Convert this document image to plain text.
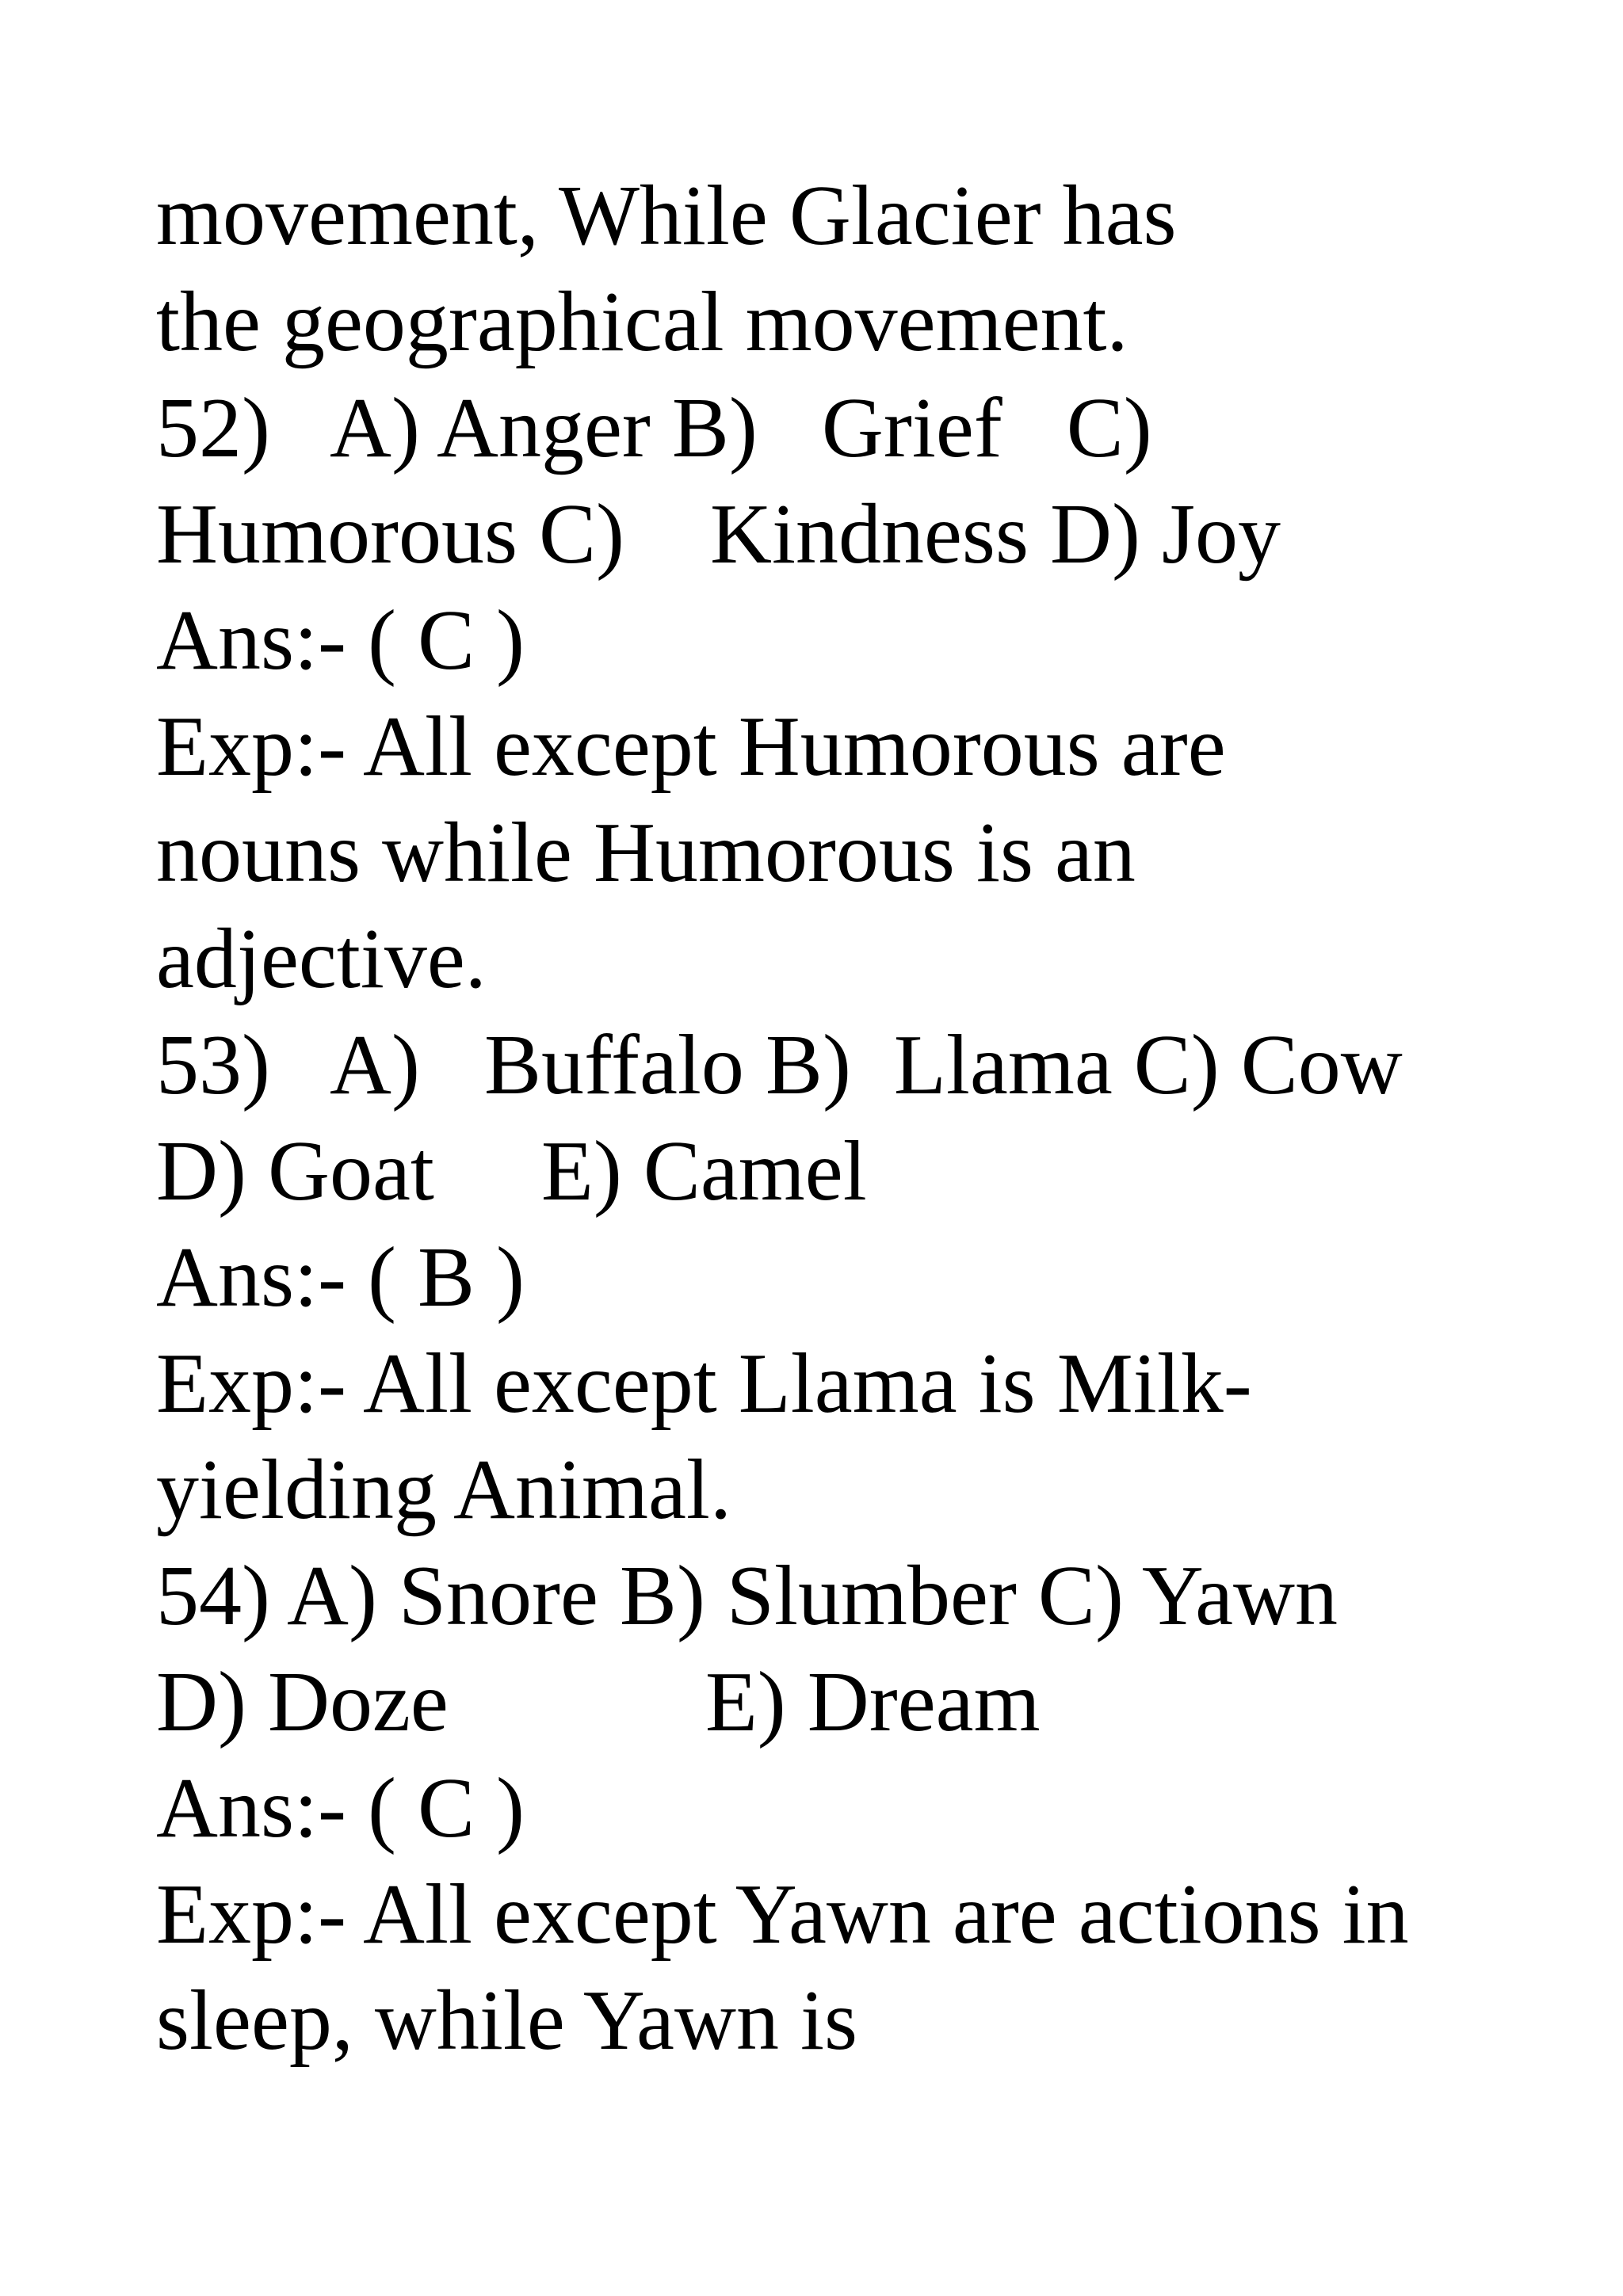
movement, While Glacier has

the geographical movement.

52)   A) Anger B)   Grief   C)

Humorous C)    Kindness D) Joy

Ans:- ( C )

Exp:- All except Humorous are

nouns while Humorous is an

adjective.

53)   A)   Buffalo B)  Llama C) Cow

D) Goat     E) Camel

Ans:- ( B )

Exp:- All except Llama is Milk-

yielding Animal.

54) A) Snore B) Slumber C) Yawn

D) Doze            E) Dream

Ans:- ( C )

Exp:- All except Yawn are actions in

sleep, while Yawn is
